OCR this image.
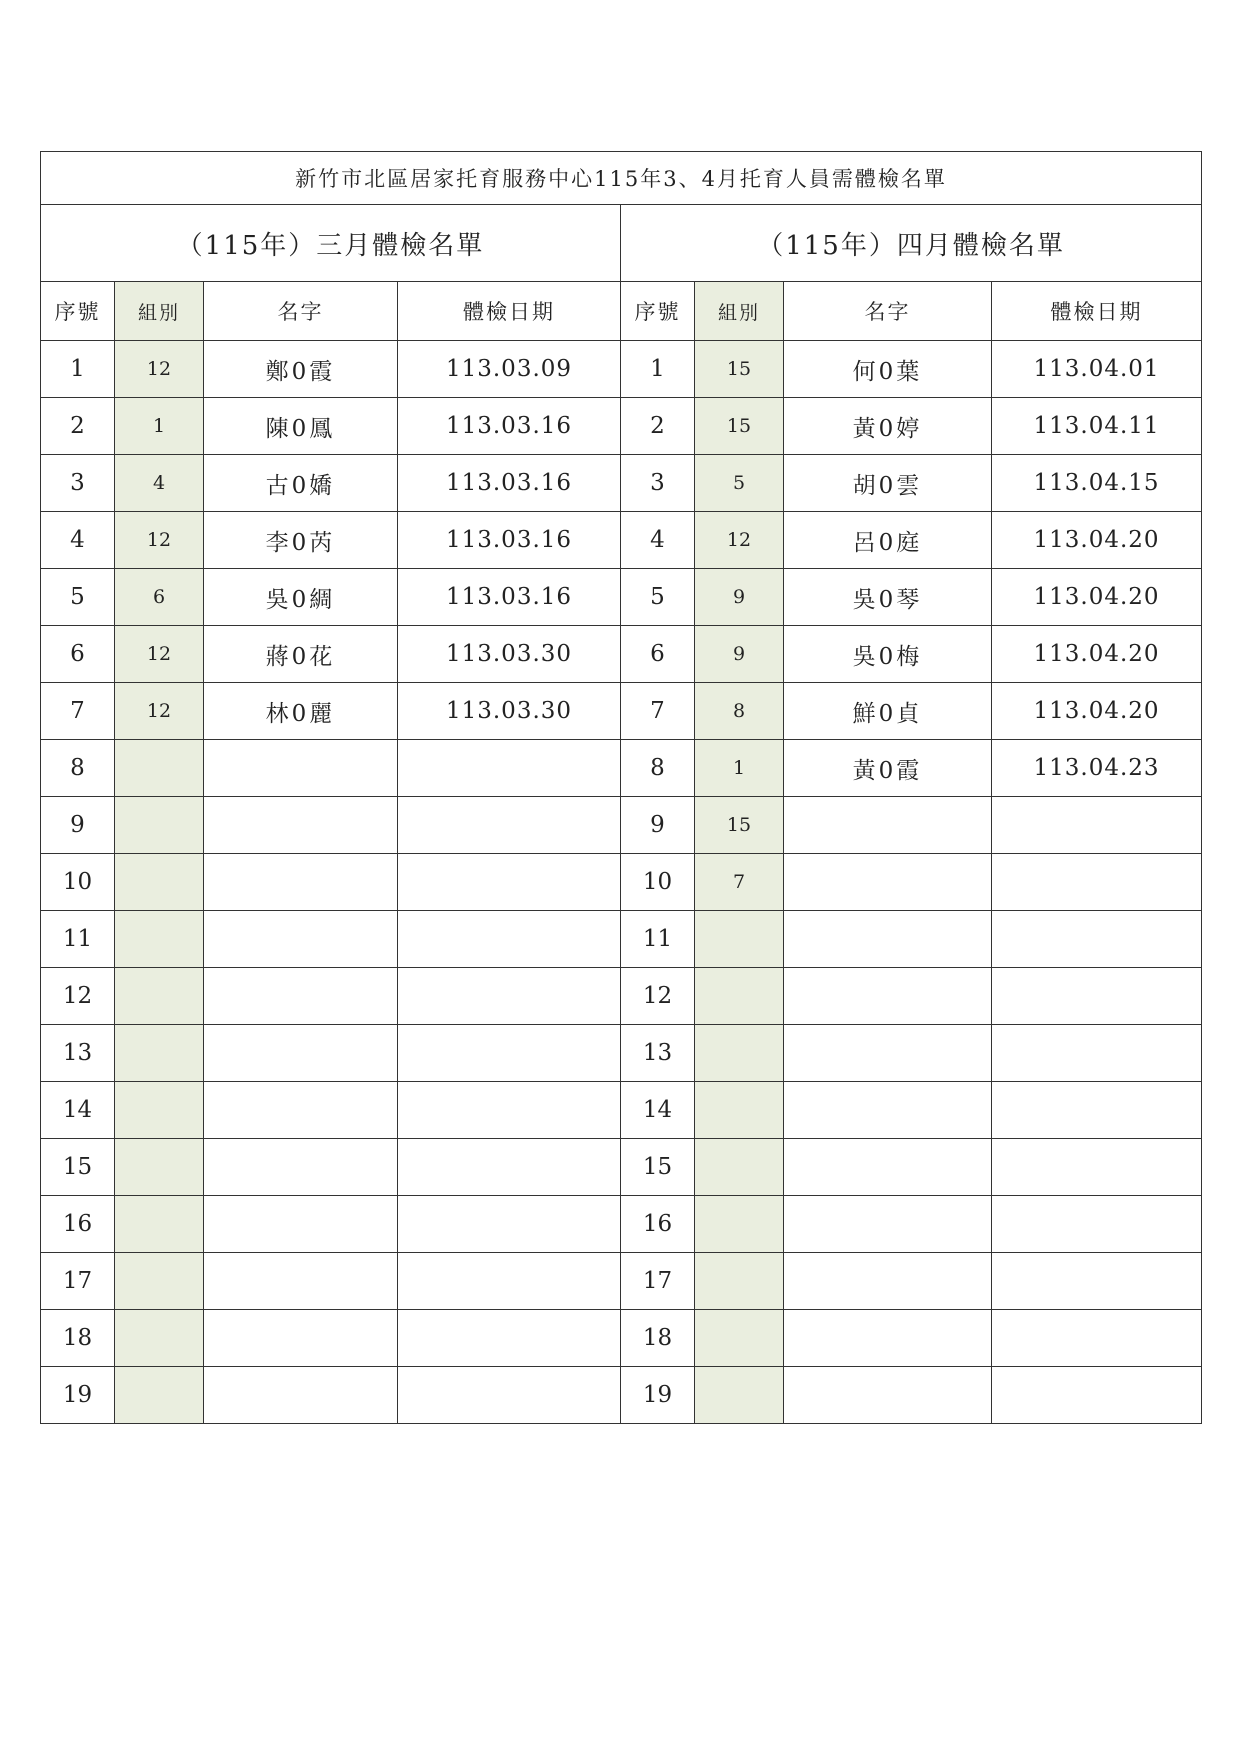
新竹市北區居家托育服務中心115年3、4月托育人員需體檢名單							
（115年）三月體檢名單				（115年）四月體檢名單			
序號	組別	名字	體檢日期	序號	組別	名字	體檢日期
1	12	鄭0霞	113.03.09	1	15	何0葉	113.04.01
2	1	陳0鳳	113.03.16	2	15	黃0婷	113.04.11
3	4	古0嬌	113.03.16	3	5	胡0雲	113.04.15
4	12	李0芮	113.03.16	4	12	呂0庭	113.04.20
5	6	吳0綢	113.03.16	5	9	吳0琴	113.04.20
6	12	蔣0花	113.03.30	6	9	吳0梅	113.04.20
7	12	林0麗	113.03.30	7	8	鮮0貞	113.04.20
8				8	1	黃0霞	113.04.23
9				9	15		
10				10	7		
11				11			
12				12			
13				13			
14				14			
15				15			
16				16			
17				17			
18				18			
19				19			
